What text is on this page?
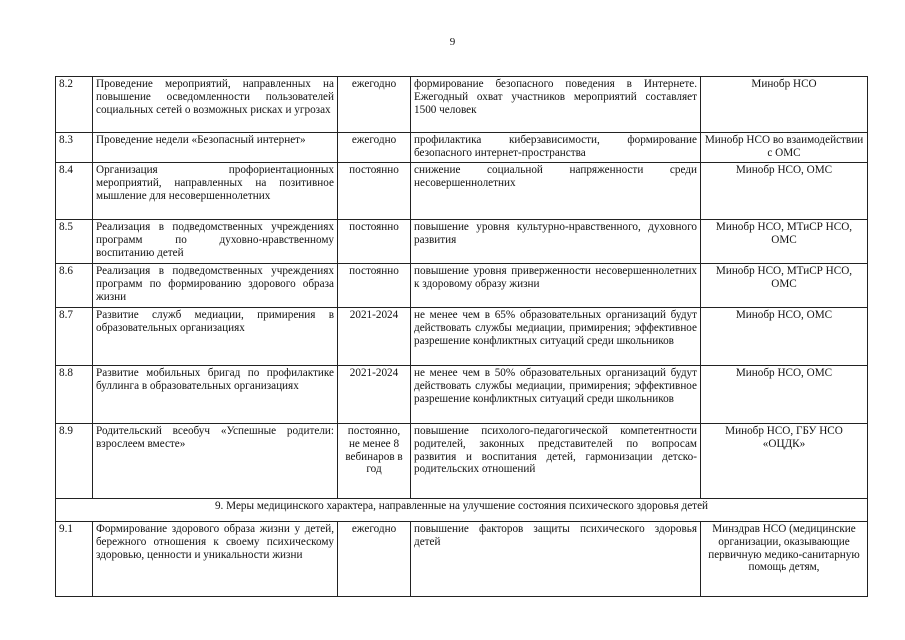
9
8.2	Проведение мероприятий, направленных на повышение осведомленности пользователей социальных сетей о возможных рисках и угрозах	ежегодно	формирование безопасного поведения в Интернете. Ежегодный охват участников мероприятий составляет 1500 человек	Минобр НСО
8.3	Проведение недели «Безопасный интернет»	ежегодно	профилактика киберзависимости, формирование безопасного интернет-пространства	Минобр НСО во взаимодействии с ОМС
8.4	Организация профориентационных мероприятий, направленных на позитивное мышление для несовершеннолетних	постоянно	снижение социальной напряженности среди несовершеннолетних	Минобр НСО, ОМС
8.5	Реализация в подведомственных учреждениях программ по духовно-нравственному воспитанию детей	постоянно	повышение уровня культурно-нравственного, духовного развития	Минобр НСО, МТиСР НСО, ОМС
8.6	Реализация в подведомственных учреждениях программ по формированию здорового образа жизни	постоянно	повышение уровня приверженности несовершеннолетних к здоровому образу жизни	Минобр НСО, МТиСР НСО, ОМС
8.7	Развитие служб медиации, примирения в образовательных организациях	2021-2024	не менее чем в 65% образовательных организаций будут действовать службы медиации, примирения; эффективное разрешение конфликтных ситуаций среди школьников	Минобр НСО, ОМС
8.8	Развитие мобильных бригад по профилактике буллинга в образовательных организациях	2021-2024	не менее чем в 50% образовательных организаций будут действовать службы медиации, примирения; эффективное разрешение конфликтных ситуаций среди школьников	Минобр НСО, ОМС
8.9	Родительский всеобуч «Успешные родители: взрослеем вместе»	постоянно, не менее 8 вебинаров в год	повышение психолого-педагогической компетентности родителей, законных представителей по вопросам развития и воспитания детей, гармонизации детско-родительских отношений	Минобр НСО, ГБУ НСО «ОЦДК»
9. Меры медицинского характера, направленные на улучшение состояния психического здоровья детей				
9.1	Формирование здорового образа жизни у детей, бережного отношения к своему психическому здоровью, ценности и уникальности жизни	ежегодно	повышение факторов защиты психического здоровья детей	Минздрав НСО (медицинские организации, оказывающие первичную медико-санитарную помощь детям,
